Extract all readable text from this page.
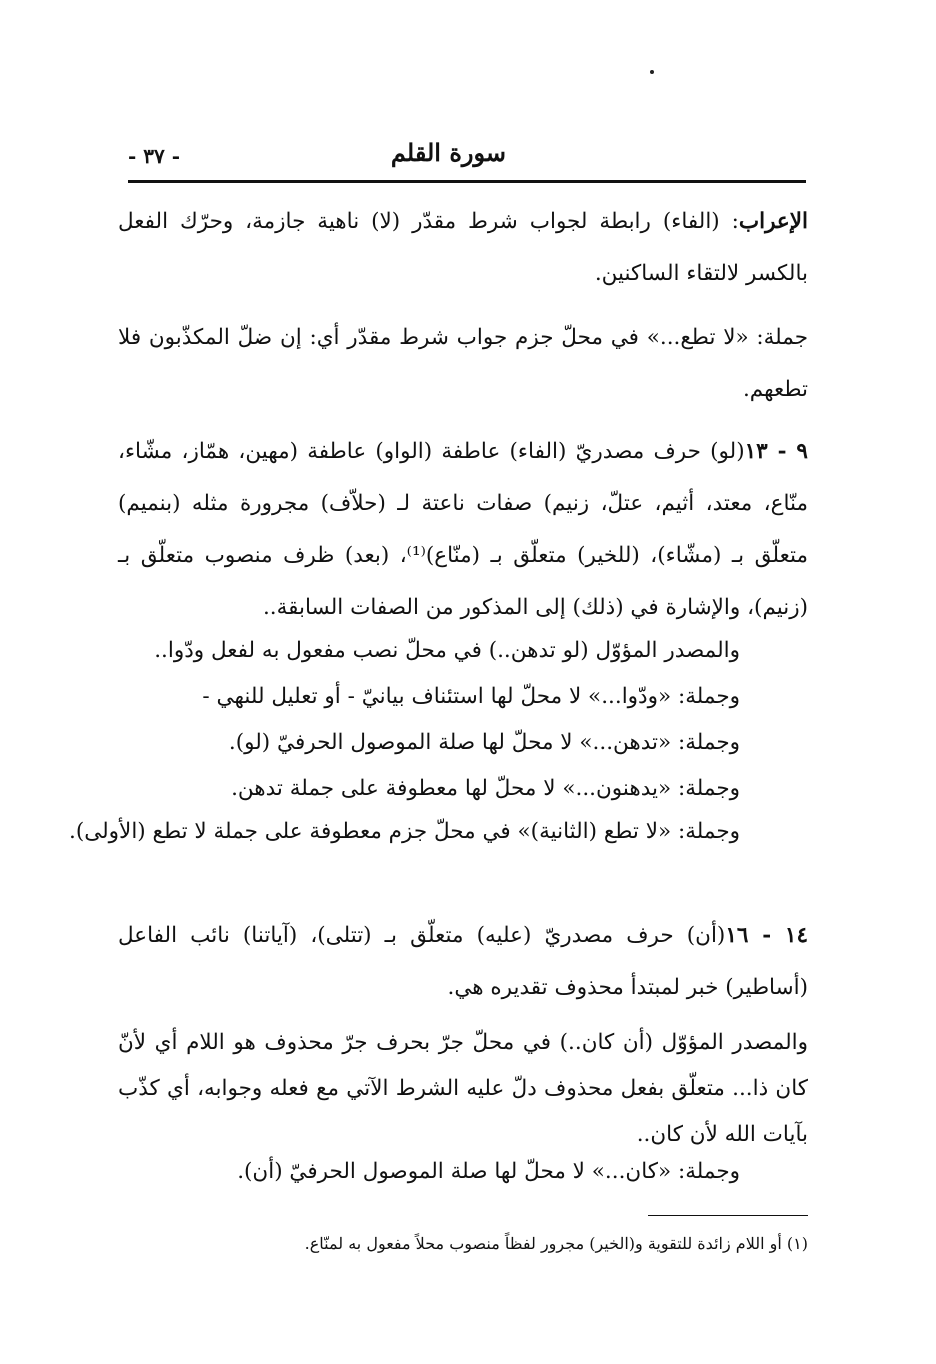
سورة القلم
- ٣٧ -
الإعراب: (الفاء) رابطة لجواب شرط مقدّر (لا) ناهية جازمة، وحرّك الفعل بالكسر لالتقاء الساكنين.
جملة: «لا تطع...» في محلّ جزم جواب شرط مقدّر أي: إن ضلّ المكذّبون فلا تطعهم.
٩ - ١٣(لو) حرف مصدريّ (الفاء) عاطفة (الواو) عاطفة (مهين، همّاز، مشّاء، منّاع، معتد، أثيم، عتلّ، زنيم) صفات ناعتة لـ (حلاّف) مجرورة مثله (بنميم) متعلّق بـ (مشّاء)، (للخير) متعلّق بـ (منّاع)⁽¹⁾، (بعد) ظرف منصوب متعلّق بـ (زنيم)، والإشارة في (ذلك) إلى المذكور من الصفات السابقة..
والمصدر المؤوّل (لو تدهن..) في محلّ نصب مفعول به لفعل ودّوا..
وجملة: «ودّوا...» لا محلّ لها استئناف بيانيّ - أو تعليل للنهي -
وجملة: «تدهن...» لا محلّ لها صلة الموصول الحرفيّ (لو).
وجملة: «يدهنون...» لا محلّ لها معطوفة على جملة تدهن.
وجملة: «لا تطع (الثانية)» في محلّ جزم معطوفة على جملة لا تطع (الأولى).
١٤ - ١٦(أن) حرف مصدريّ (عليه) متعلّق بـ (تتلى)، (آياتنا) نائب الفاعل (أساطير) خبر لمبتدأ محذوف تقديره هي.
والمصدر المؤوّل (أن كان..) في محلّ جرّ بحرف جرّ محذوف هو اللام أي لأنّ كان ذا... متعلّق بفعل محذوف دلّ عليه الشرط الآتي مع فعله وجوابه، أي كذّب بآيات الله لأن كان..
وجملة: «كان...» لا محلّ لها صلة الموصول الحرفيّ (أن).
(١) أو اللام زائدة للتقوية و(الخير) مجرور لفظاً منصوب محلاً مفعول به لمنّاع.
